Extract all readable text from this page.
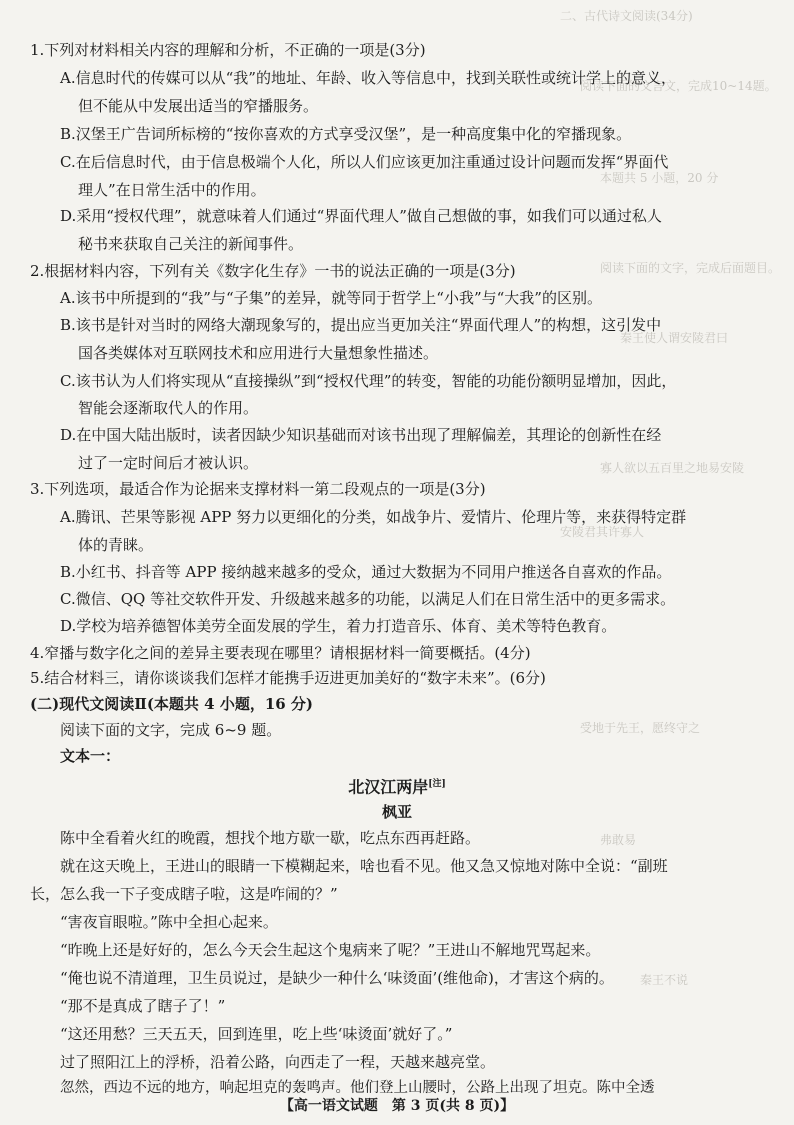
二、古代诗文阅读(34分)
阅读下面的文言文，完成10~14题。
本题共 5 小题，20 分
阅读下面的文字，完成后面题目。
秦王使人谓安陵君曰
寡人欲以五百里之地易安陵
安陵君其许寡人
受地于先王，愿终守之
弗敢易
秦王不说
1.下列对材料相关内容的理解和分析，不正确的一项是(3分)
A.信息时代的传媒可以从“我”的地址、年龄、收入等信息中，找到关联性或统计学上的意义，
但不能从中发展出适当的窄播服务。
B.汉堡王广告词所标榜的“按你喜欢的方式享受汉堡”，是一种高度集中化的窄播现象。
C.在后信息时代，由于信息极端个人化，所以人们应该更加注重通过设计问题而发挥“界面代
理人”在日常生活中的作用。
D.采用“授权代理”，就意味着人们通过“界面代理人”做自己想做的事，如我们可以通过私人
秘书来获取自己关注的新闻事件。
2.根据材料内容，下列有关《数字化生存》一书的说法正确的一项是(3分)
A.该书中所提到的“我”与“子集”的差异，就等同于哲学上“小我”与“大我”的区别。
B.该书是针对当时的网络大潮现象写的，提出应当更加关注“界面代理人”的构想，这引发中
国各类媒体对互联网技术和应用进行大量想象性描述。
C.该书认为人们将实现从“直接操纵”到“授权代理”的转变，智能的功能份额明显增加，因此，
智能会逐渐取代人的作用。
D.在中国大陆出版时，读者因缺少知识基础而对该书出现了理解偏差，其理论的创新性在经
过了一定时间后才被认识。
3.下列选项，最适合作为论据来支撑材料一第二段观点的一项是(3分)
A.腾讯、芒果等影视 APP 努力以更细化的分类，如战争片、爱情片、伦理片等，来获得特定群
体的青睐。
B.小红书、抖音等 APP 接纳越来越多的受众，通过大数据为不同用户推送各自喜欢的作品。
C.微信、QQ 等社交软件开发、升级越来越多的功能，以满足人们在日常生活中的更多需求。
D.学校为培养德智体美劳全面发展的学生，着力打造音乐、体育、美术等特色教育。
4.窄播与数字化之间的差异主要表现在哪里？请根据材料一简要概括。(4分)
5.结合材料三，请你谈谈我们怎样才能携手迈进更加美好的“数字未来”。(6分)
(二)现代文阅读Ⅱ(本题共 4 小题，16 分)
阅读下面的文字，完成 6~9 题。
文本一：
北汉江两岸[注]
枫亚
陈中全看着火红的晚霞，想找个地方歇一歇，吃点东西再赶路。
就在这天晚上，王进山的眼睛一下模糊起来，啥也看不见。他又急又惊地对陈中全说：“副班
长，怎么我一下子变成瞎子啦，这是咋闹的？”
“害夜盲眼啦。”陈中全担心起来。
“昨晚上还是好好的，怎么今天会生起这个鬼病来了呢？”王进山不解地咒骂起来。
“俺也说不清道理，卫生员说过，是缺少一种什么‘味烫面’(维他命)，才害这个病的。
“那不是真成了瞎子了！”
“这还用愁？三天五天，回到连里，吃上些‘味烫面’就好了。”
过了照阳江上的浮桥，沿着公路，向西走了一程，天越来越亮堂。
忽然，西边不远的地方，响起坦克的轰鸣声。他们登上山腰时，公路上出现了坦克。陈中全透
【高一语文试题　第 3 页(共 8 页)】
